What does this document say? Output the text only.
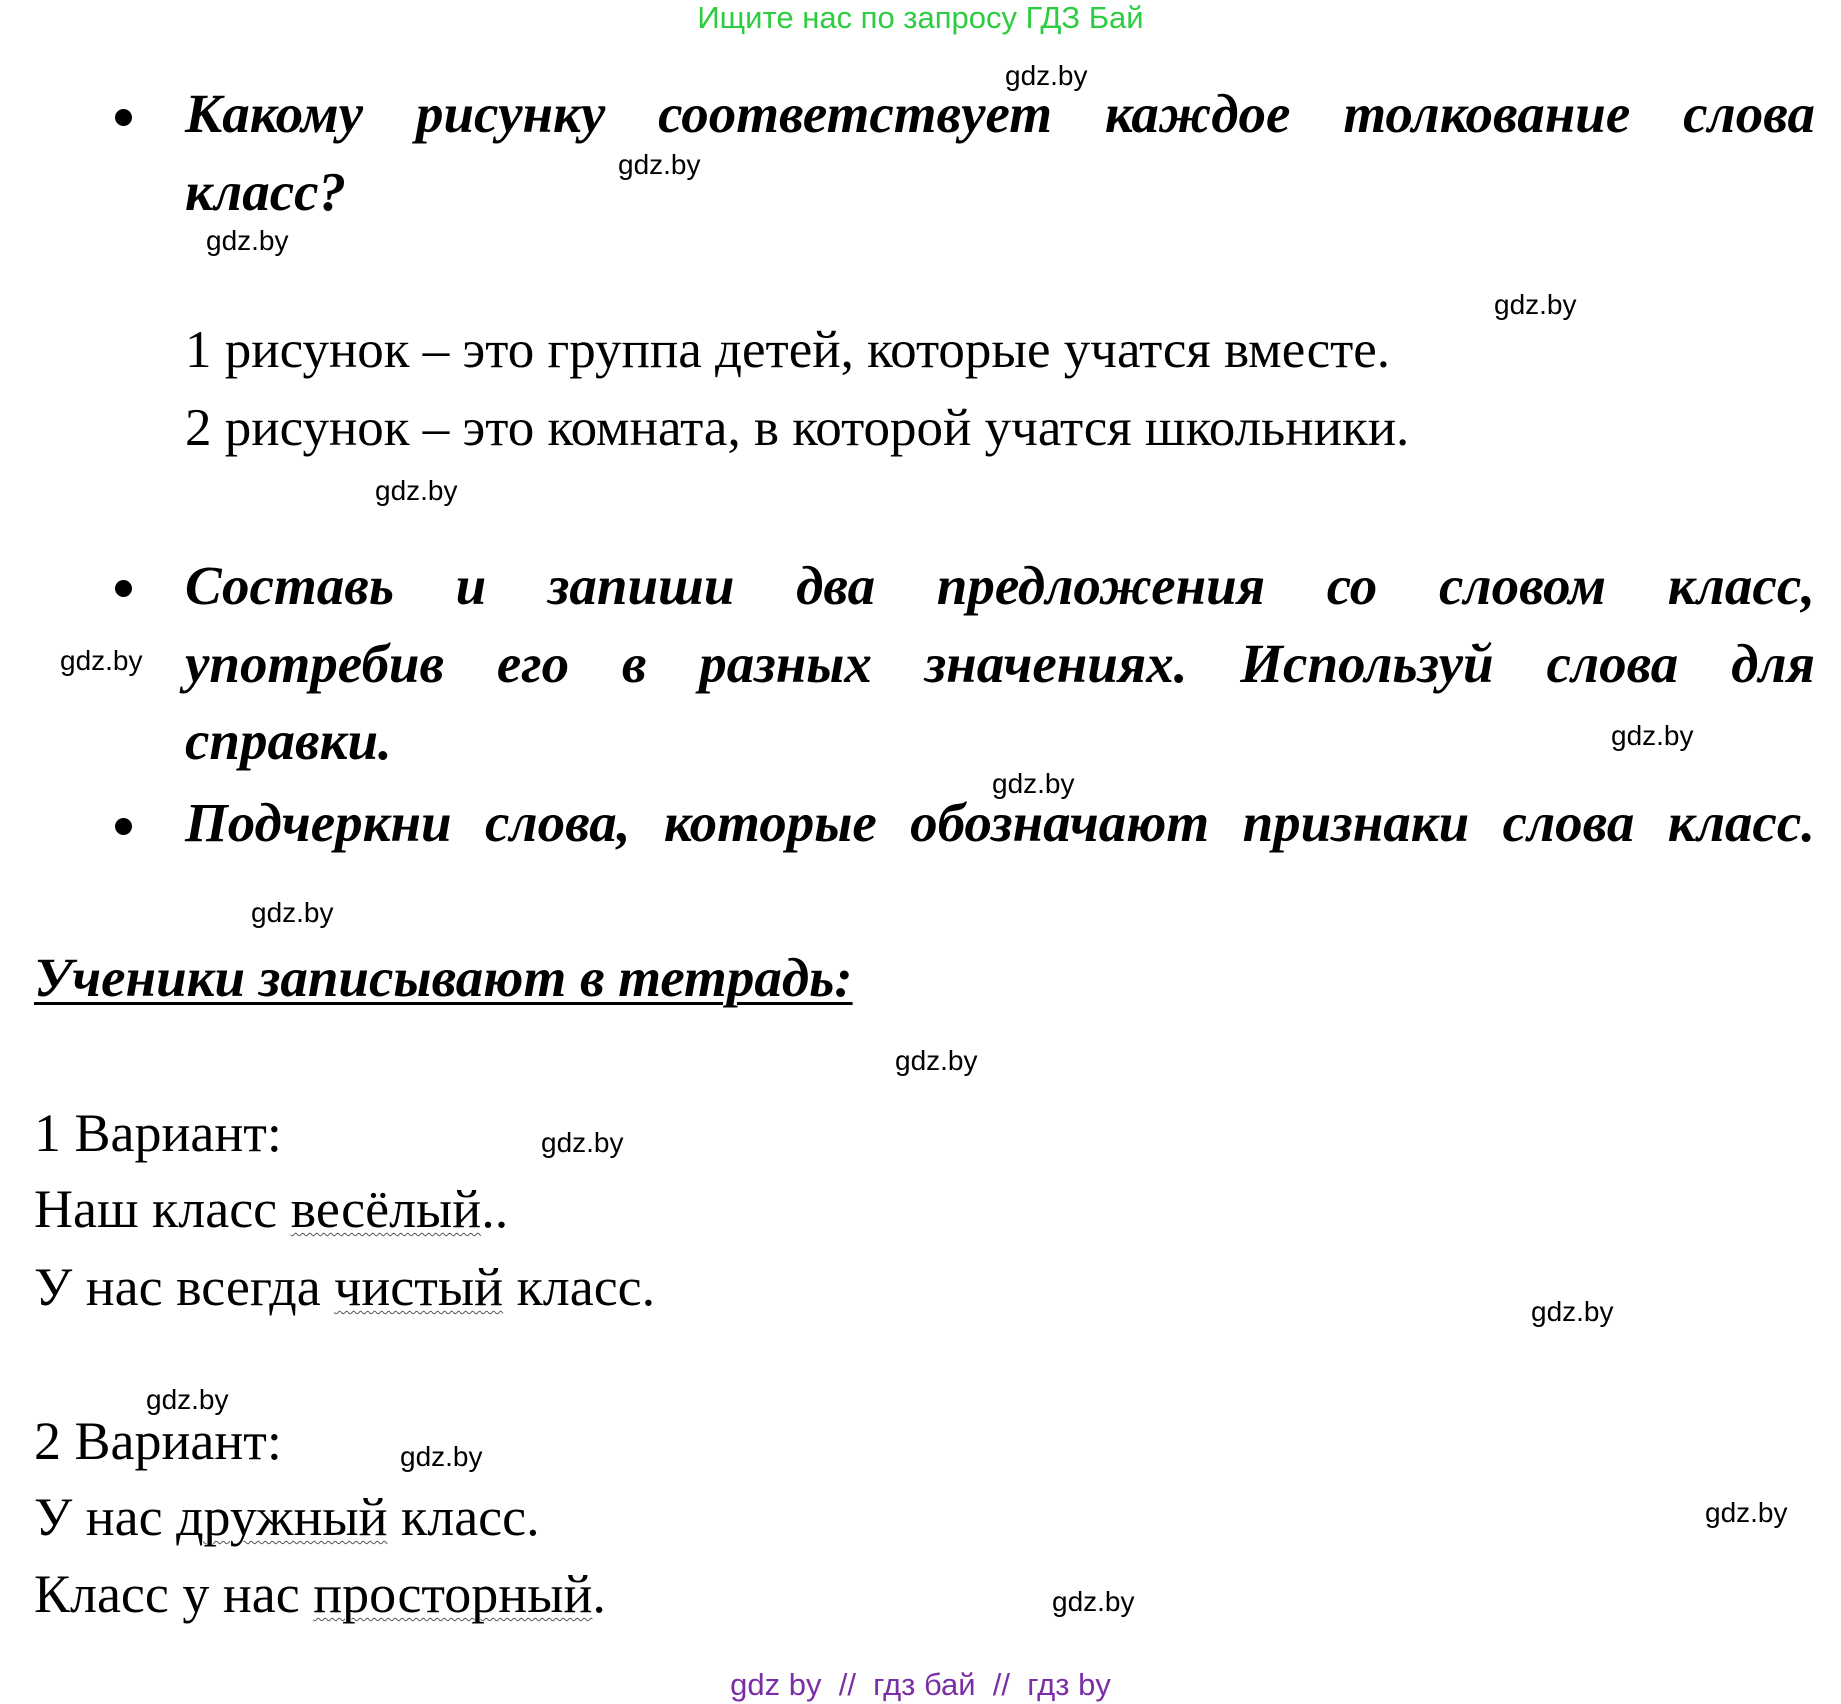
Ищите нас по запросу ГДЗ Бай
Какому рисунку соответствует каждое толкование слова
класс?
1 рисунок – это группа детей, которые учатся вместе.
2 рисунок – это комната, в которой учатся школьники.
Составь и запиши два предложения со словом класс,
употребив его в разных значениях. Используй слова для
справки.
Подчеркни слова, которые обозначают признаки слова класс.
Ученики записывают в тетрадь:
1 Вариант:
Наш класс весёлый..
У нас всегда чистый класс.
2 Вариант:
У нас дружный класс.
Класс у нас просторный.
gdz.by
gdz.by
gdz.by
gdz.by
gdz.by
gdz.by
gdz.by
gdz.by
gdz.by
gdz.by
gdz.by
gdz.by
gdz.by
gdz.by
gdz.by
gdz.by
gdz by  //  гдз бай  //  гдз by
